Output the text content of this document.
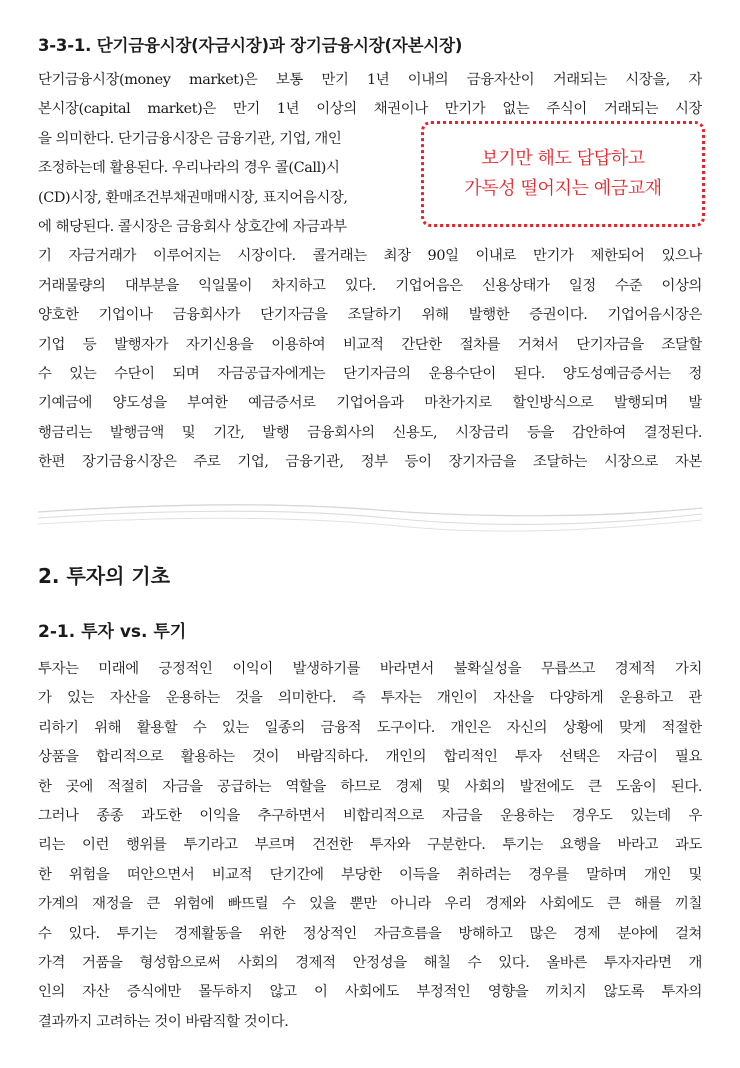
3-3-1. 단기금융시장(자금시장)과 장기금융시장(자본시장)
단기금융시장(money market)은 보통 만기 1년 이내의 금융자산이 거래되는 시장을, 자
본시장(capital market)은 만기 1년 이상의 채권이나 만기가 없는 주식이 거래되는 시장
을 의미한다. 단기금융시장은 금융기관, 기업, 개인
조정하는데 활용된다. 우리나라의 경우 콜(Call)시
(CD)시장, 환매조건부채권매매시장, 표지어음시장,
에 해당된다. 콜시장은 금융회사 상호간에 자금과부
기 자금거래가 이루어지는 시장이다. 콜거래는 최장 90일 이내로 만기가 제한되어 있으나
거래물량의 대부분을 익일물이 차지하고 있다. 기업어음은 신용상태가 일정 수준 이상의
양호한 기업이나 금융회사가 단기자금을 조달하기 위해 발행한 증권이다. 기업어음시장은
기업 등 발행자가 자기신용을 이용하여 비교적 간단한 절차를 거쳐서 단기자금을 조달할
수 있는 수단이 되며 자금공급자에게는 단기자금의 운용수단이 된다. 양도성예금증서는 정
기예금에 양도성을 부여한 예금증서로 기업어음과 마찬가지로 할인방식으로 발행되며 발
행금리는 발행금액 및 기간, 발행 금융회사의 신용도, 시장금리 등을 감안하여 결정된다.
한편 장기금융시장은 주로 기업, 금융기관, 정부 등이 장기자금을 조달하는 시장으로 자본
보기만 해도 답답하고
가독성 떨어지는 예금교재
2. 투자의 기초
2-1. 투자 vs. 투기
투자는 미래에 긍정적인 이익이 발생하기를 바라면서 불확실성을 무릅쓰고 경제적 가치
가 있는 자산을 운용하는 것을 의미한다. 즉 투자는 개인이 자산을 다양하게 운용하고 관
리하기 위해 활용할 수 있는 일종의 금융적 도구이다. 개인은 자신의 상황에 맞게 적절한
상품을 합리적으로 활용하는 것이 바람직하다. 개인의 합리적인 투자 선택은 자금이 필요
한 곳에 적절히 자금을 공급하는 역할을 하므로 경제 및 사회의 발전에도 큰 도움이 된다.
그러나 종종 과도한 이익을 추구하면서 비합리적으로 자금을 운용하는 경우도 있는데 우
리는 이런 행위를 투기라고 부르며 건전한 투자와 구분한다. 투기는 요행을 바라고 과도
한 위험을 떠안으면서 비교적 단기간에 부당한 이득을 취하려는 경우를 말하며 개인 및
가계의 재정을 큰 위험에 빠뜨릴 수 있을 뿐만 아니라 우리 경제와 사회에도 큰 해를 끼칠
수 있다. 투기는 경제활동을 위한 정상적인 자금흐름을 방해하고 많은 경제 분야에 걸쳐
가격 거품을 형성함으로써 사회의 경제적 안정성을 해칠 수 있다. 올바른 투자자라면 개
인의 자산 증식에만 몰두하지 않고 이 사회에도 부정적인 영향을 끼치지 않도록 투자의
결과까지 고려하는 것이 바람직할 것이다.
